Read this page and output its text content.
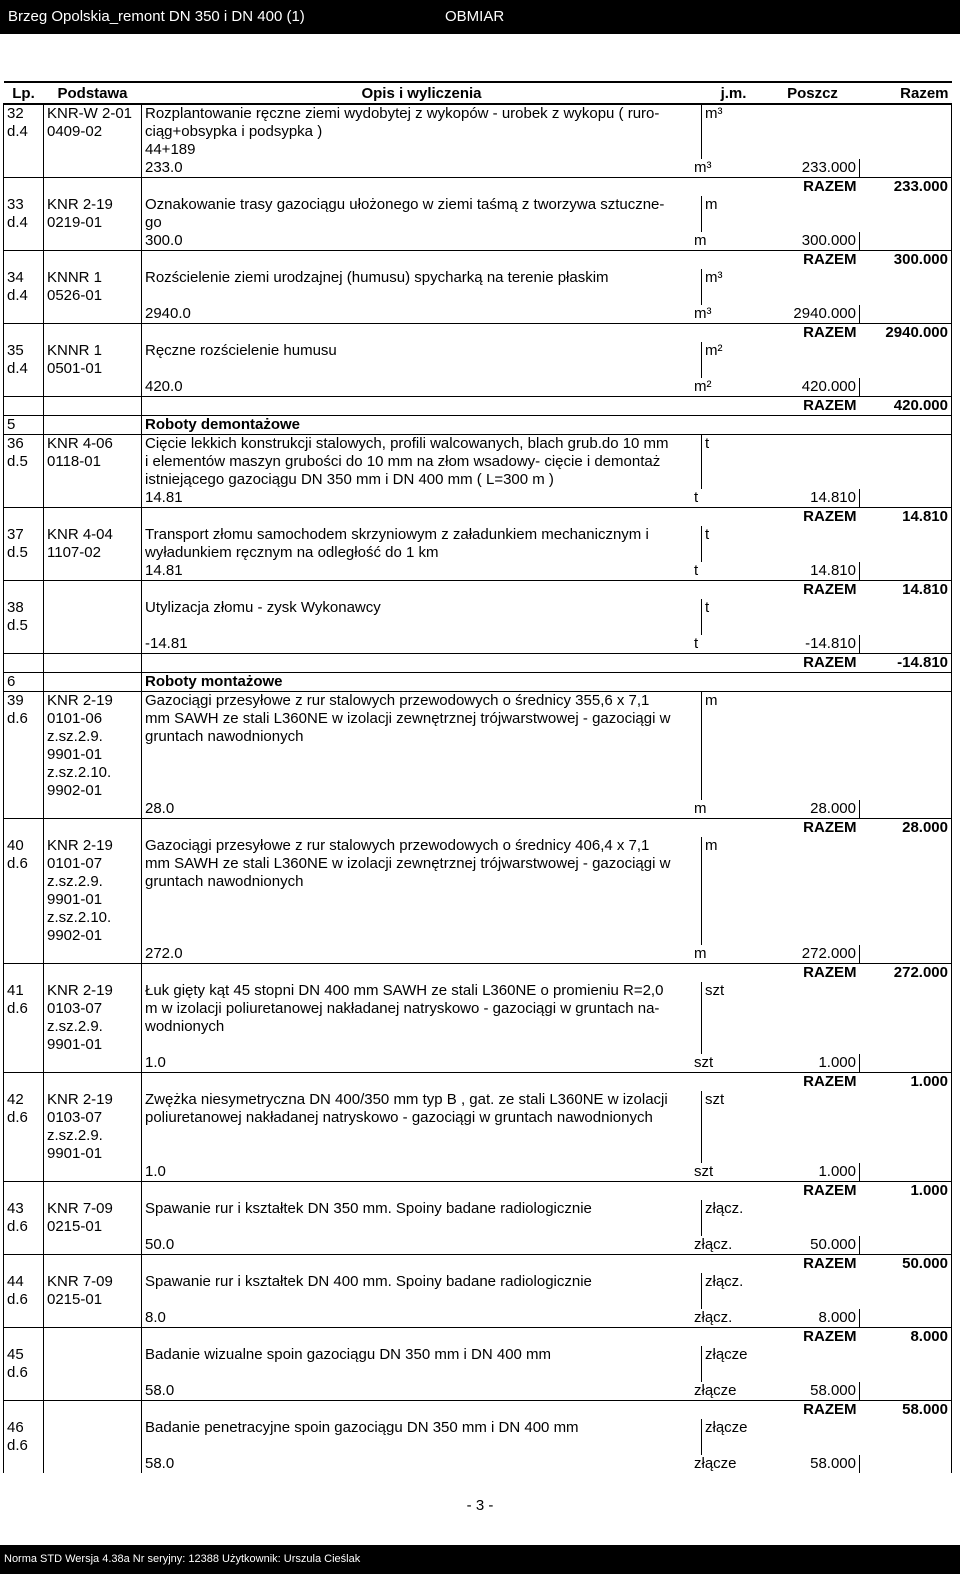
Brzeg Opolskia_remont DN 350 i DN 400 (1)	OBMIAR
Lp.	Podstawa	Opis i wyliczenia	j.m.	Poszcz	Razem
32	KNR-W 2-01	Rozplantowanie ręczne ziemi wydobytej z wykopów - urobek z wykopu ( ruro-	m³		
d.4	0409-02	ciąg+obsypka i podsypka )			
		44+189			

		233.0 m³ 233.000			

				RAZEM	233.000
33	KNR 2-19	Oznakowanie trasy gazociągu ułożonego w ziemi taśmą z tworzywa sztuczne-	m		
d.4	0219-01	go			

		300.0 m 300.000			

				RAZEM	300.000
34	KNNR 1	Rozścielenie ziemi urodzajnej (humusu) spycharką na terenie płaskim	m³		
d.4	0526-01				

		2940.0 m³ 2940.000			

				RAZEM	2940.000
35	KNNR 1	Ręczne rozścielenie humusu	m²		
d.4	0501-01				

		420.0 m² 420.000			

				RAZEM	420.000
5		Roboty demontażowe			
36	KNR 4-06	Cięcie lekkich konstrukcji stalowych, profili walcowanych, blach grub.do 10 mm	t		
d.5	0118-01	i elementów maszyn grubości do 10 mm na złom wsadowy- cięcie i demontaż			
		istniejącego gazociągu DN 350 mm i DN 400 mm ( L=300 m )			

		14.81 t 14.810			

				RAZEM	14.810
37	KNR 4-04	Transport złomu samochodem skrzyniowym z załadunkiem mechanicznym i	t		
d.5	1107-02	wyładunkiem ręcznym na odległość do 1 km			

		14.81 t 14.810			

				RAZEM	14.810
38		Utylizacja złomu - zysk Wykonawcy	t		
d.5					

		-14.81 t -14.810			

				RAZEM	-14.810
6		Roboty montażowe			
39	KNR 2-19	Gazociągi przesyłowe z rur stalowych przewodowych o średnicy 355,6 x 7,1	m		
d.6	0101-06	mm SAWH ze stali L360NE w izolacji zewnętrznej trójwarstwowej - gazociągi w			
	z.sz.2.9.	gruntach nawodnionych			
	9901-01				
	z.sz.2.10.				
	9902-01				

		28.0 m 28.000			

				RAZEM	28.000
40	KNR 2-19	Gazociągi przesyłowe z rur stalowych przewodowych o średnicy 406,4 x 7,1	m		
d.6	0101-07	mm SAWH ze stali L360NE w izolacji zewnętrznej trójwarstwowej - gazociągi w			
	z.sz.2.9.	gruntach nawodnionych			
	9901-01				
	z.sz.2.10.				
	9902-01				

		272.0 m 272.000			

				RAZEM	272.000
41	KNR 2-19	Łuk gięty kąt 45 stopni DN 400 mm SAWH ze stali L360NE o promieniu R=2,0	szt		
d.6	0103-07	m w izolacji poliuretanowej nakładanej natryskowo - gazociągi w gruntach na-			
	z.sz.2.9.	wodnionych			
	9901-01				

		1.0 szt 1.000			

				RAZEM	1.000
42	KNR 2-19	Zwężka niesymetryczna DN 400/350 mm typ B , gat. ze stali L360NE w izolacji	szt		
d.6	0103-07	poliuretanowej nakładanej natryskowo - gazociągi w gruntach nawodnionych			
	z.sz.2.9.				
	9901-01				

		1.0 szt 1.000			

				RAZEM	1.000
43	KNR 7-09	Spawanie rur i kształtek DN 350 mm. Spoiny badane radiologicznie	złącz.		
d.6	0215-01				

		50.0 złącz. 50.000			

				RAZEM	50.000
44	KNR 7-09	Spawanie rur i kształtek DN 400 mm. Spoiny badane radiologicznie	złącz.		
d.6	0215-01				

		8.0 złącz. 8.000			

				RAZEM	8.000
45		Badanie wizualne spoin gazociągu DN 350 mm i DN 400 mm	złącze		
d.6					

		58.0 złącze 58.000			

				RAZEM	58.000
46		Badanie penetracyjne spoin gazociągu DN 350 mm i DN 400 mm	złącze		
d.6					

		58.0 złącze 58.000			

- 3 -
Norma STD Wersja 4.38a Nr seryjny: 12388 Użytkownik: Urszula Cieślak
